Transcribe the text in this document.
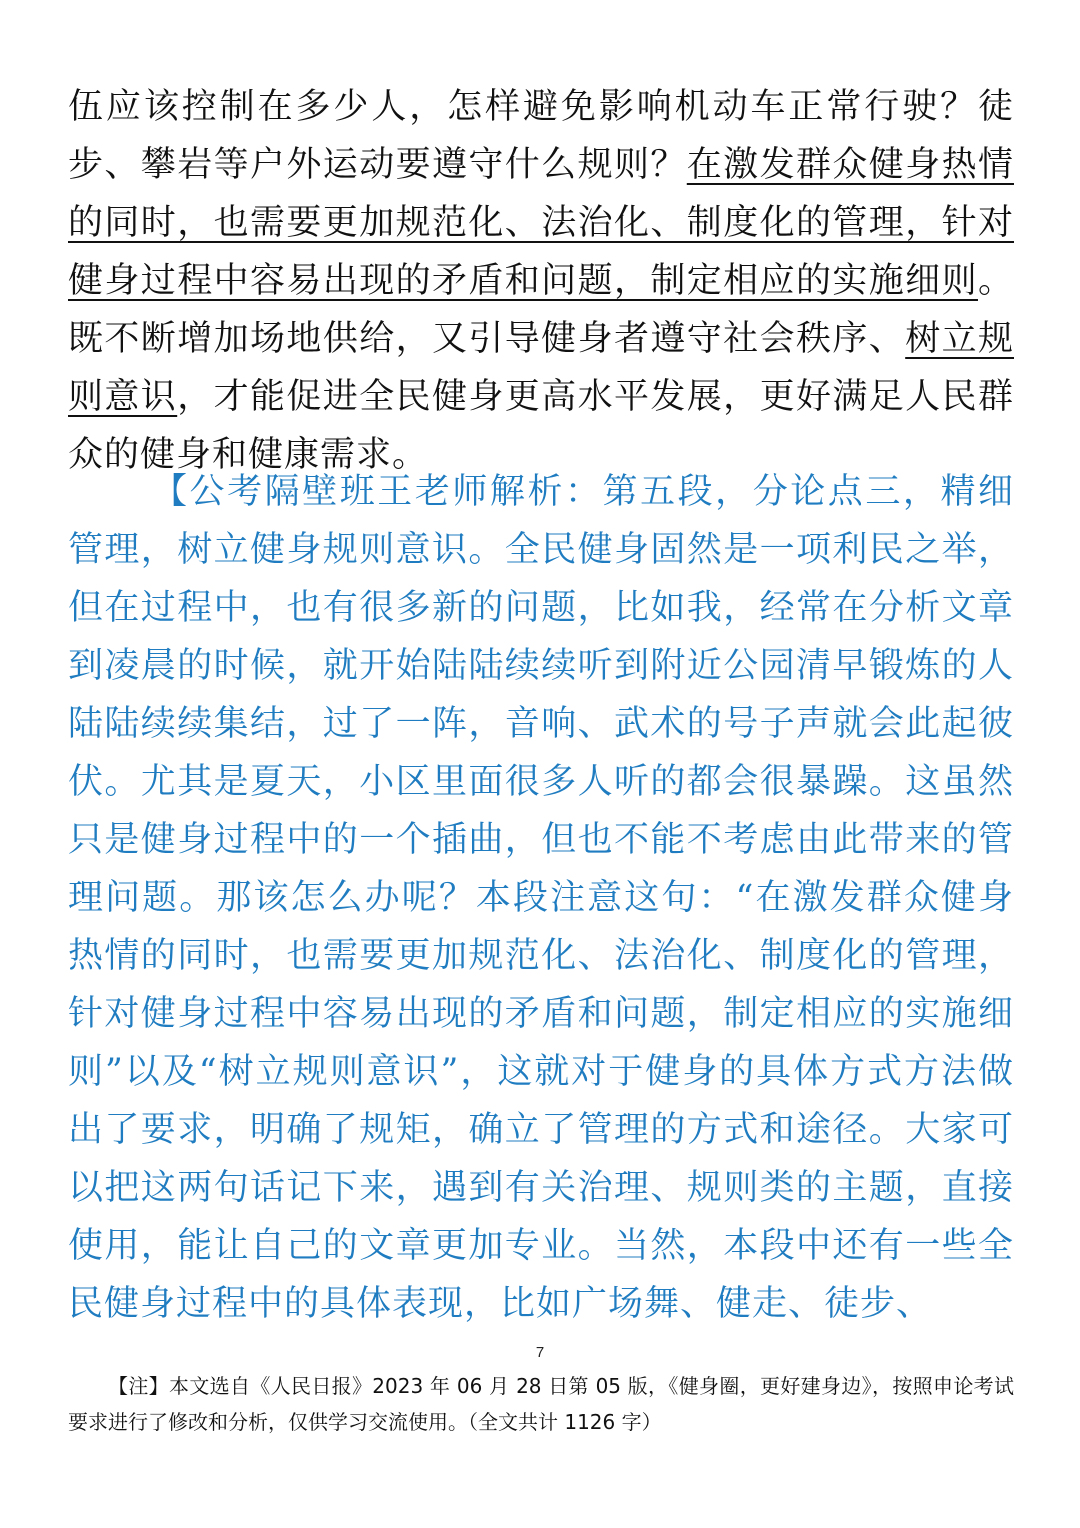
伍应该控制在多少人，怎样避免影响机动车正常行驶？徒步、攀岩等户外运动要遵守什么规则？在激发群众健身热情的同时，也需要更加规范化、法治化、制度化的管理，针对健身过程中容易出现的矛盾和问题，制定相应的实施细则。既不断增加场地供给，又引导健身者遵守社会秩序、树立规则意识，才能促进全民健身更高水平发展，更好满足人民群众的健身和健康需求。

【公考隔壁班王老师解析：第五段，分论点三，精细管理，树立健身规则意识。全民健身固然是一项利民之举，但在过程中，也有很多新的问题，比如我，经常在分析文章到凌晨的时候，就开始陆陆续续听到附近公园清早锻炼的人陆陆续续集结，过了一阵，音响、武术的号子声就会此起彼伏。尤其是夏天，小区里面很多人听的都会很暴躁。这虽然只是健身过程中的一个插曲，但也不能不考虑由此带来的管理问题。那该怎么办呢？本段注意这句：“在激发群众健身热情的同时，也需要更加规范化、法治化、制度化的管理，针对健身过程中容易出现的矛盾和问题，制定相应的实施细则”以及“树立规则意识”，这就对于健身的具体方式方法做出了要求，明确了规矩，确立了管理的方式和途径。大家可以把这两句话记下来，遇到有关治理、规则类的主题，直接使用，能让自己的文章更加专业。当然，本段中还有一些全民健身过程中的具体表现，比如广场舞、健走、徒步、

7

【注】本文选自《人民日报》2023 年 06 月 28 日第 05 版，《健身圈，更好建身边》，按照申论考试要求进行了修改和分析，仅供学习交流使用。（全文共计 1126 字）
